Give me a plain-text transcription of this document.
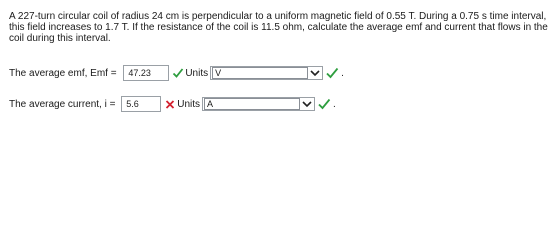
A 227-turn circular coil of radius 24 cm is perpendicular to a uniform magnetic field of 0.55 T. During a 0.75 s time interval, this field increases to 1.7 T. If the resistance of the coil is 11.5 ohm, calculate the average emf and current that flows in the coil during this interval.

The average emf, Emf =	47.23	Units V	.
The average current, i = 5.6	Units A	.
